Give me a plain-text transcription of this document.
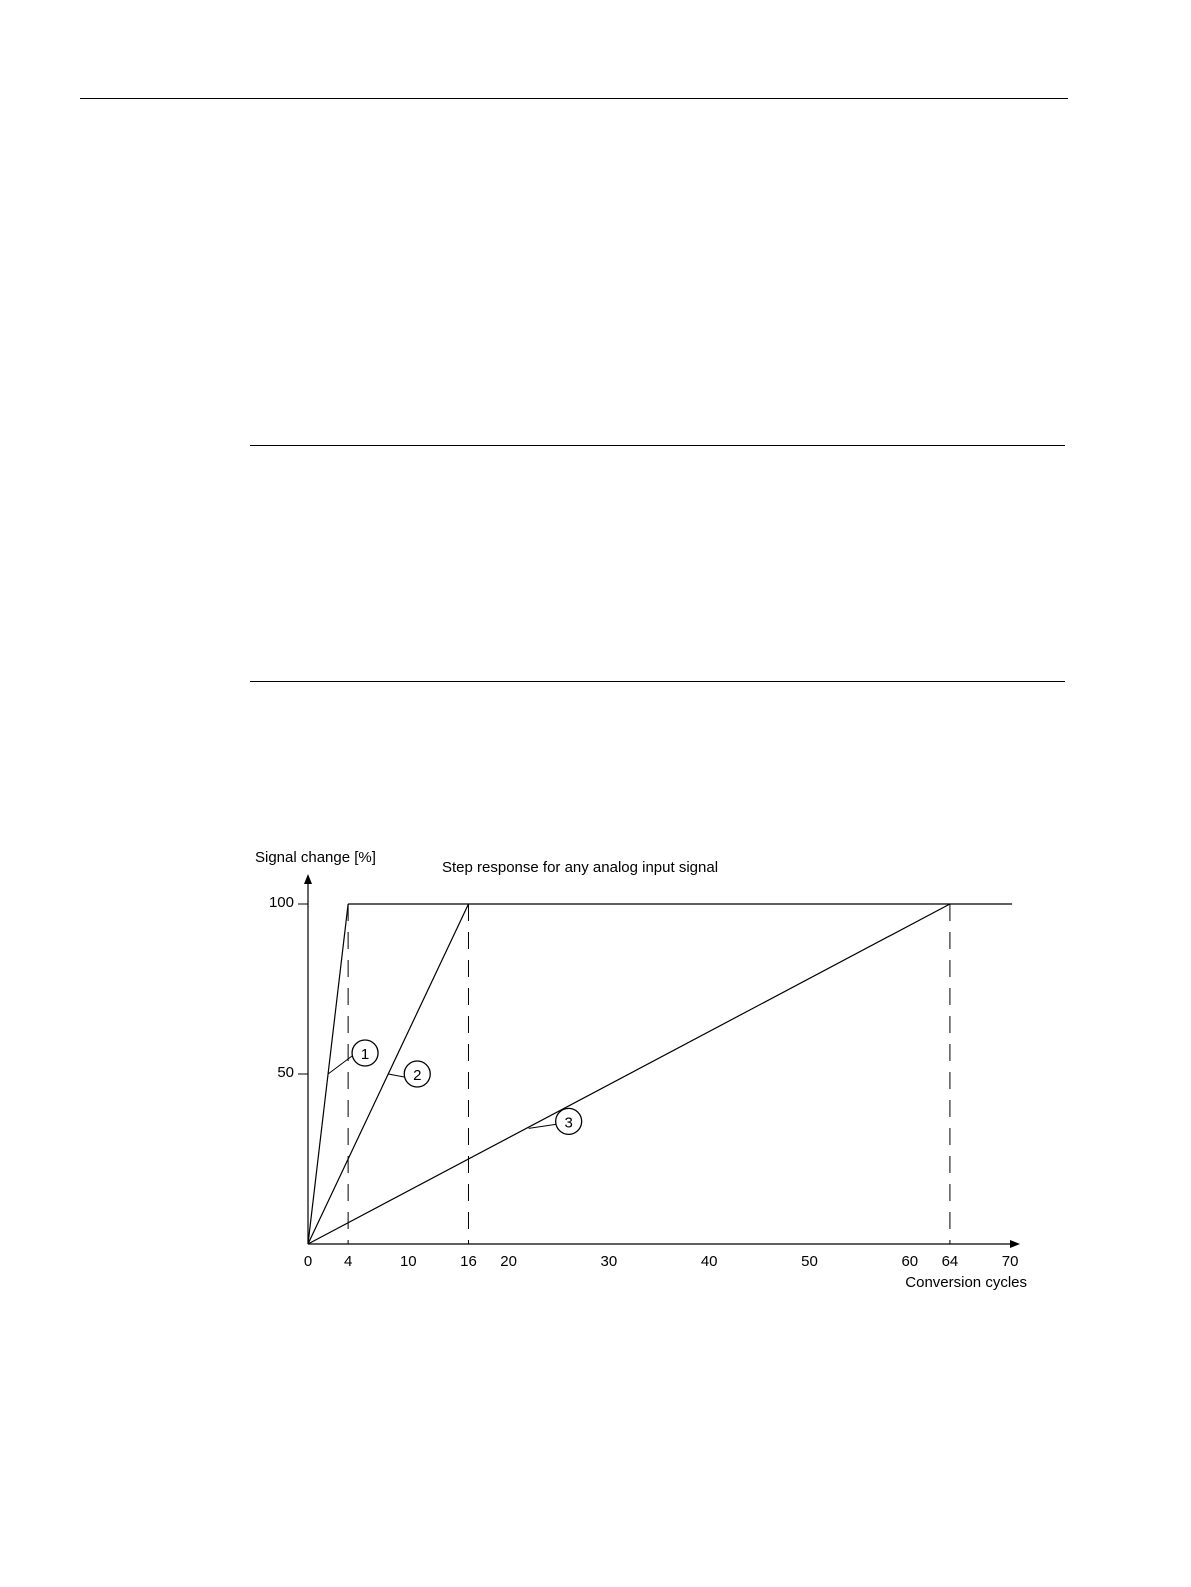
0 4	10	16 20	30	40	50	60 64	70
50
100
1
2
3
Signal change [%]
Step response for any analog input signal
Conversion cycles
